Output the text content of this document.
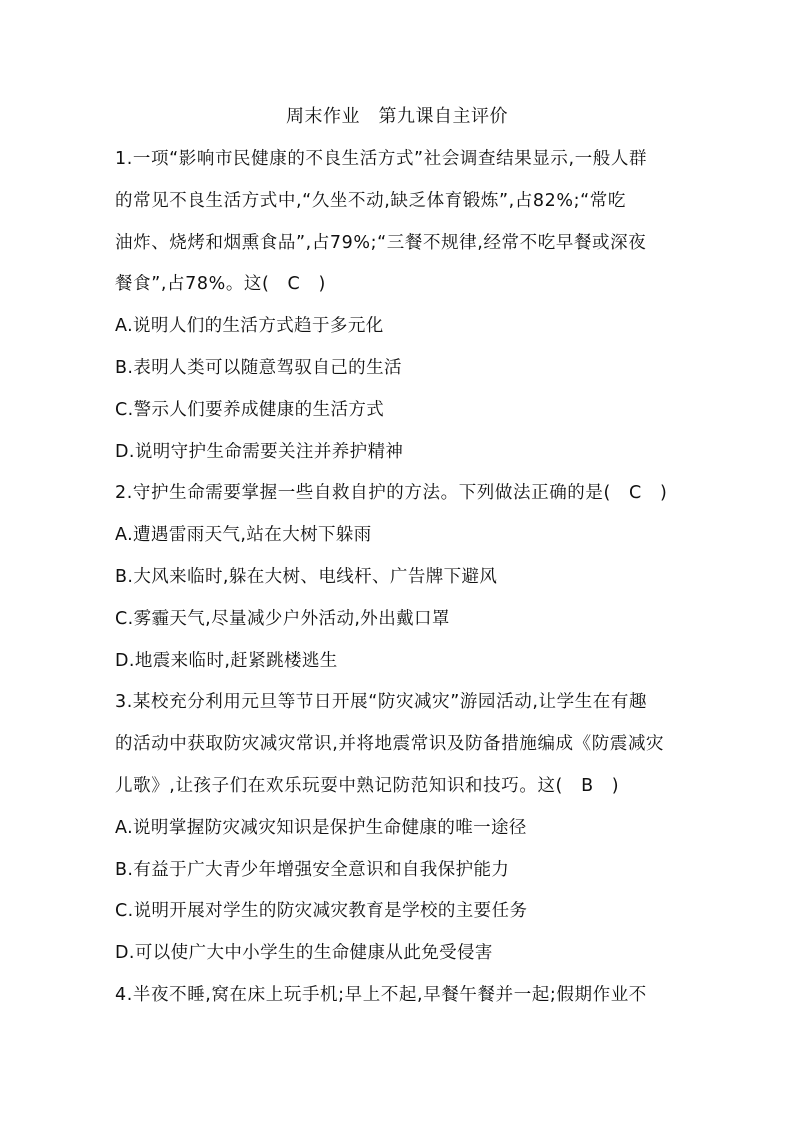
周末作业　第九课自主评价
1.一项“影响市民健康的不良生活方式”社会调查结果显示,一般人群
的常见不良生活方式中,“久坐不动,缺乏体育锻炼”,占82%;“常吃
油炸、烧烤和烟熏食品”,占79%;“三餐不规律,经常不吃早餐或深夜
餐食”,占78%。这(　C　)
A.说明人们的生活方式趋于多元化
B.表明人类可以随意驾驭自己的生活
C.警示人们要养成健康的生活方式
D.说明守护生命需要关注并养护精神
2.守护生命需要掌握一些自救自护的方法。下列做法正确的是(　C　)
A.遭遇雷雨天气,站在大树下躲雨
B.大风来临时,躲在大树、电线杆、广告牌下避风
C.雾霾天气,尽量减少户外活动,外出戴口罩
D.地震来临时,赶紧跳楼逃生
3.某校充分利用元旦等节日开展“防灾减灾”游园活动,让学生在有趣
的活动中获取防灾减灾常识,并将地震常识及防备措施编成《防震减灾
儿歌》,让孩子们在欢乐玩耍中熟记防范知识和技巧。这(　B　)
A.说明掌握防灾减灾知识是保护生命健康的唯一途径
B.有益于广大青少年增强安全意识和自我保护能力
C.说明开展对学生的防灾减灾教育是学校的主要任务
D.可以使广大中小学生的生命健康从此免受侵害
4.半夜不睡,窝在床上玩手机;早上不起,早餐午餐并一起;假期作业不
